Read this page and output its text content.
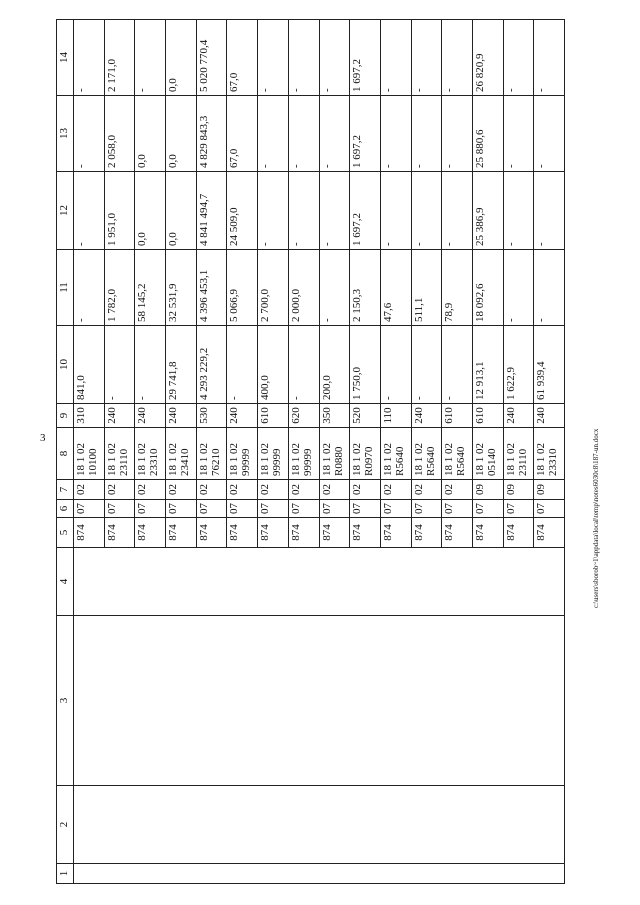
3
1	2	3	4	5	6	7	8	9	10	11	12	13	14
				874	07	02	18 1 02 10100	310	841,0	-	-	-	-
				874	07	02	18 1 02 23110	240	-	1 782,0	1 951,0	2 058,0	2 171,0
				874	07	02	18 1 02 23310	240	-	58 145,2	0,0	0,0	-
				874	07	02	18 1 02 23410	240	29 741,8	32 531,9	0,0	0,0	0,0
				874	07	02	18 1 02 76210	530	4 293 229,2	4 396 453,1	4 841 494,7	4 829 843,3	5 020 770,4
				874	07	02	18 1 02 99999	240	-	5 066,9	24 509,0	67,0	67,0
				874	07	02	18 1 02 99999	610	400,0	2 700,0	-	-	-
				874	07	02	18 1 02 99999	620	-	2 000,0	-	-	-
				874	07	02	18 1 02 R0880	350	200,0	-	-	-	-
				874	07	02	18 1 02 R0970	520	1 750,0	2 150,3	1 697,2	1 697,2	1 697,2
				874	07	02	18 1 02 R5640	110	-	47,6	-	-	-
				874	07	02	18 1 02 R5640	240	-	511,1	-	-	-
				874	07	02	18 1 02 R5640	610	-	78,9	-	-	-
				874	07	09	18 1 02 05140	610	12 913,1	18 092,6	25 386,9	25 880,6	26 820,9
				874	07	09	18 1 02 23110	240	1 622,9	-	-	-	-
				874	07	09	18 1 02 23310	240	61 939,4	-	-	-	-
c:\users\sborob~1\appdata\local\temp\notes6030c8\187-un.docx
